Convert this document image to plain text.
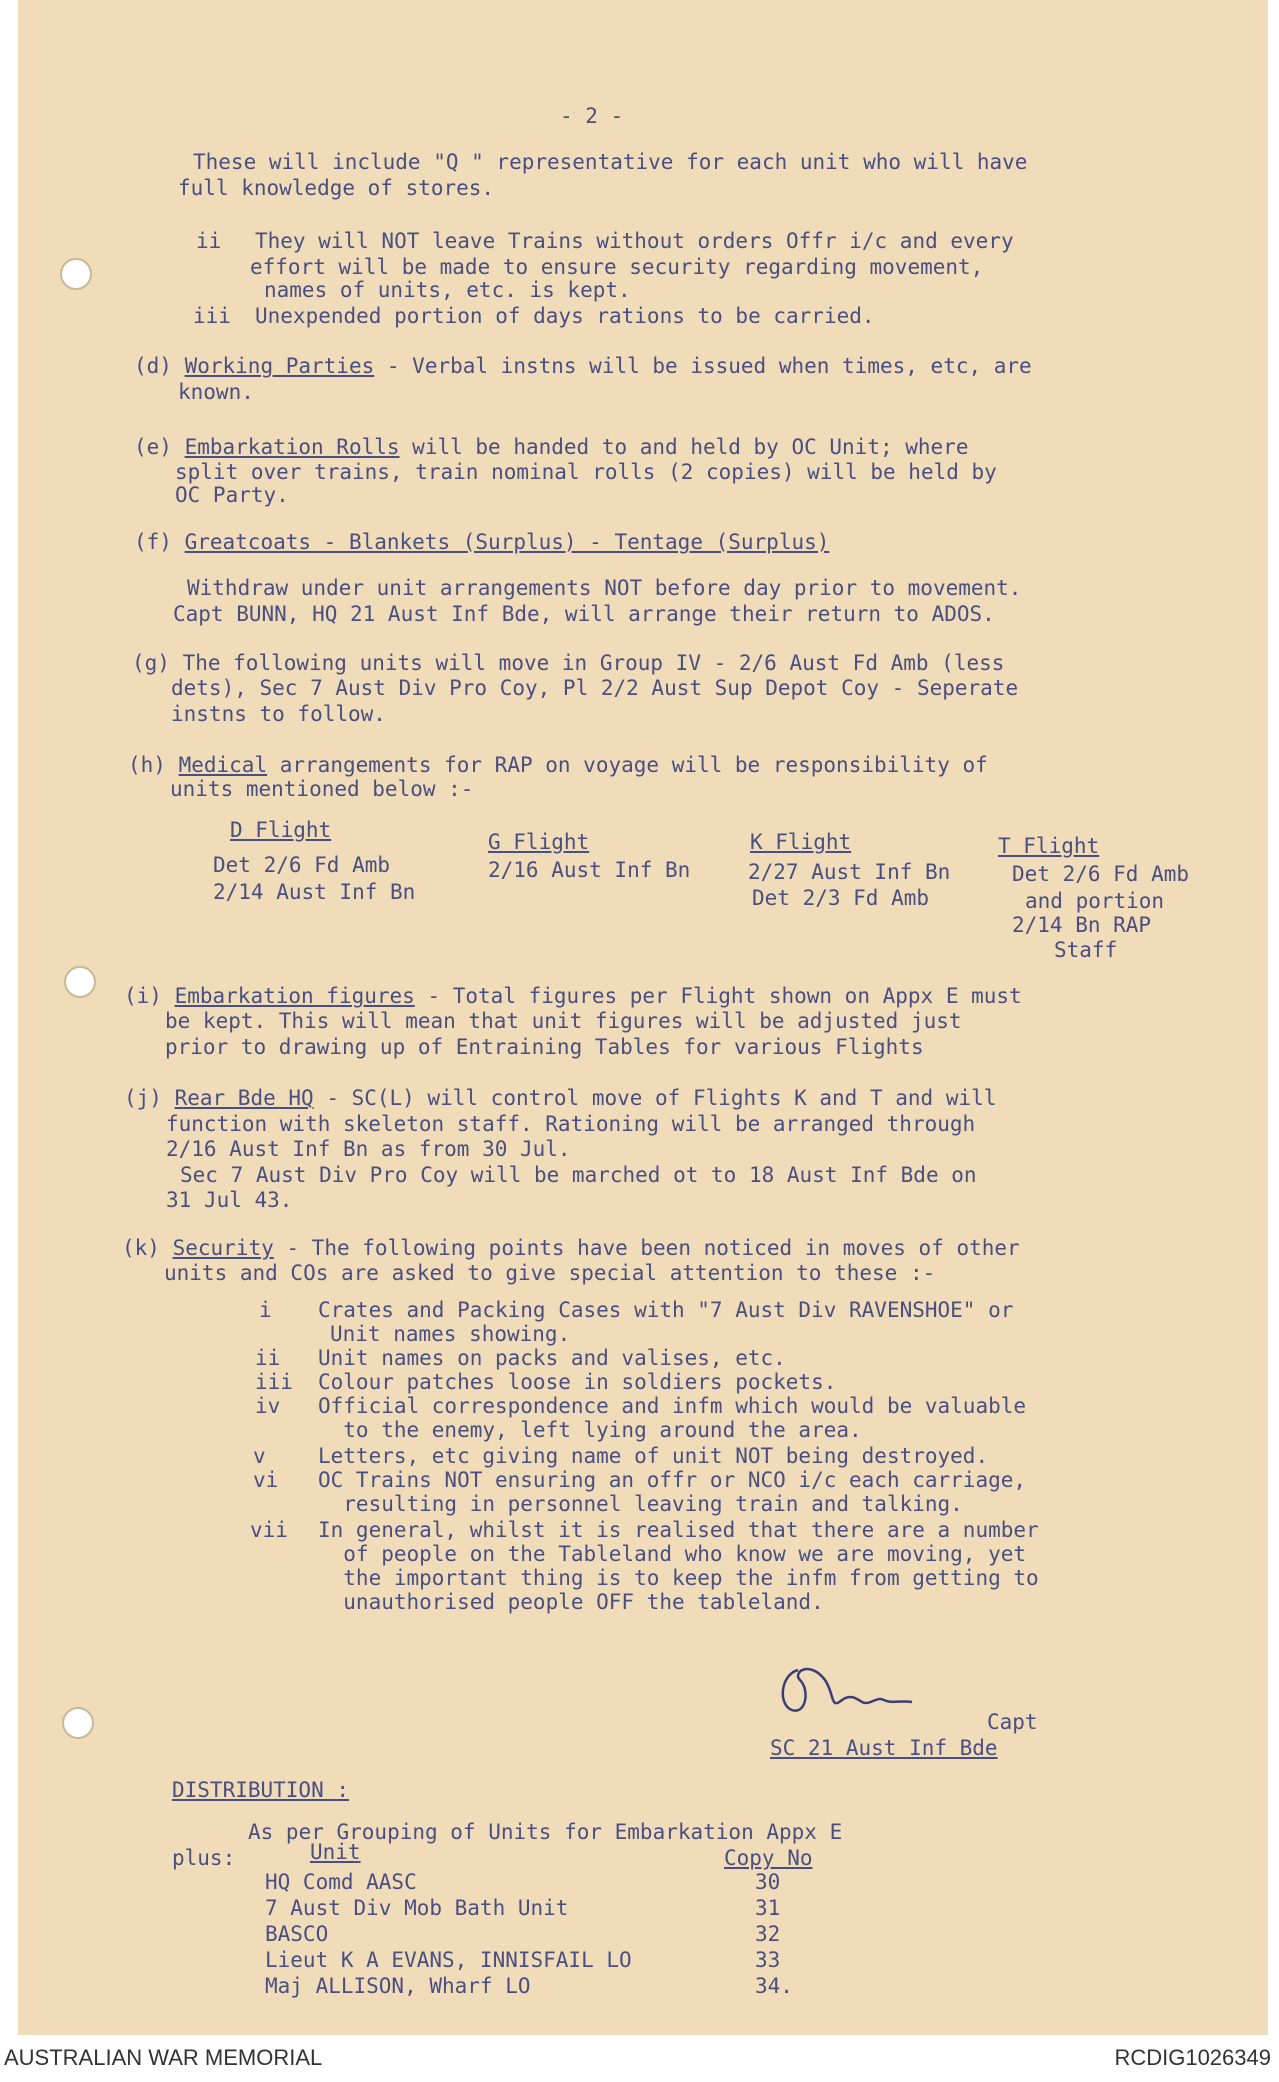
- 2 -
These will include "Q " representative for each unit who will have
full knowledge of stores.
ii They will NOT leave Trains without orders Offr i/c and every
effort will be made to ensure security regarding movement,
names of units, etc. is kept.
iii Unexpended portion of days rations to be carried.
(d) Working Parties - Verbal instns will be issued when times, etc, are
known.
(e) Embarkation Rolls will be handed to and held by OC Unit; where
split over trains, train nominal rolls (2 copies) will be held by
OC Party.
(f) Greatcoats - Blankets (Surplus) - Tentage (Surplus)
Withdraw under unit arrangements NOT before day prior to movement.
Capt BUNN, HQ 21 Aust Inf Bde, will arrange their return to ADOS.
(g) The following units will move in Group IV - 2/6 Aust Fd Amb (less
dets), Sec 7 Aust Div Pro Coy, Pl 2/2 Aust Sup Depot Coy - Seperate
instns to follow.
(h) Medical arrangements for RAP on voyage will be responsibility of
units mentioned below :-
D Flight
Det 2/6 Fd Amb
2/14 Aust Inf Bn
G Flight
2/16 Aust Inf Bn
K Flight
2/27 Aust Inf Bn
Det 2/3 Fd Amb
T Flight
Det 2/6 Fd Amb
and portion
2/14 Bn RAP
Staff
(i) Embarkation figures - Total figures per Flight shown on Appx E must
be kept. This will mean that unit figures will be adjusted just
prior to drawing up of Entraining Tables for various Flights
(j) Rear Bde HQ - SC(L) will control move of Flights K and T and will
function with skeleton staff. Rationing will be arranged through
2/16 Aust Inf Bn as from 30 Jul.
Sec 7 Aust Div Pro Coy will be marched ot to 18 Aust Inf Bde on
31 Jul 43.
(k) Security - The following points have been noticed in moves of other
units and COs are asked to give special attention to these :-
i Crates and Packing Cases with "7 Aust Div RAVENSHOE" or
Unit names showing.
ii Unit names on packs and valises, etc.
iii Colour patches loose in soldiers pockets.
iv Official correspondence and infm which would be valuable
to the enemy, left lying around the area.
v Letters, etc giving name of unit NOT being destroyed.
vi OC Trains NOT ensuring an offr or NCO i/c each carriage,
resulting in personnel leaving train and talking.
vii In general, whilst it is realised that there are a number
of people on the Tableland who know we are moving, yet
the important thing is to keep the infm from getting to
unauthorised people OFF the tableland.
Capt
SC 21 Aust Inf Bde
DISTRIBUTION :
As per Grouping of Units for Embarkation Appx E
plus:	Unit	Copy No
HQ Comd AASC	30
7 Aust Div Mob Bath Unit	31
BASCO	32
Lieut K A EVANS, INNISFAIL LO	33
Maj ALLISON, Wharf LO	34.
AUSTRALIAN WAR MEMORIAL	RCDIG1026349
